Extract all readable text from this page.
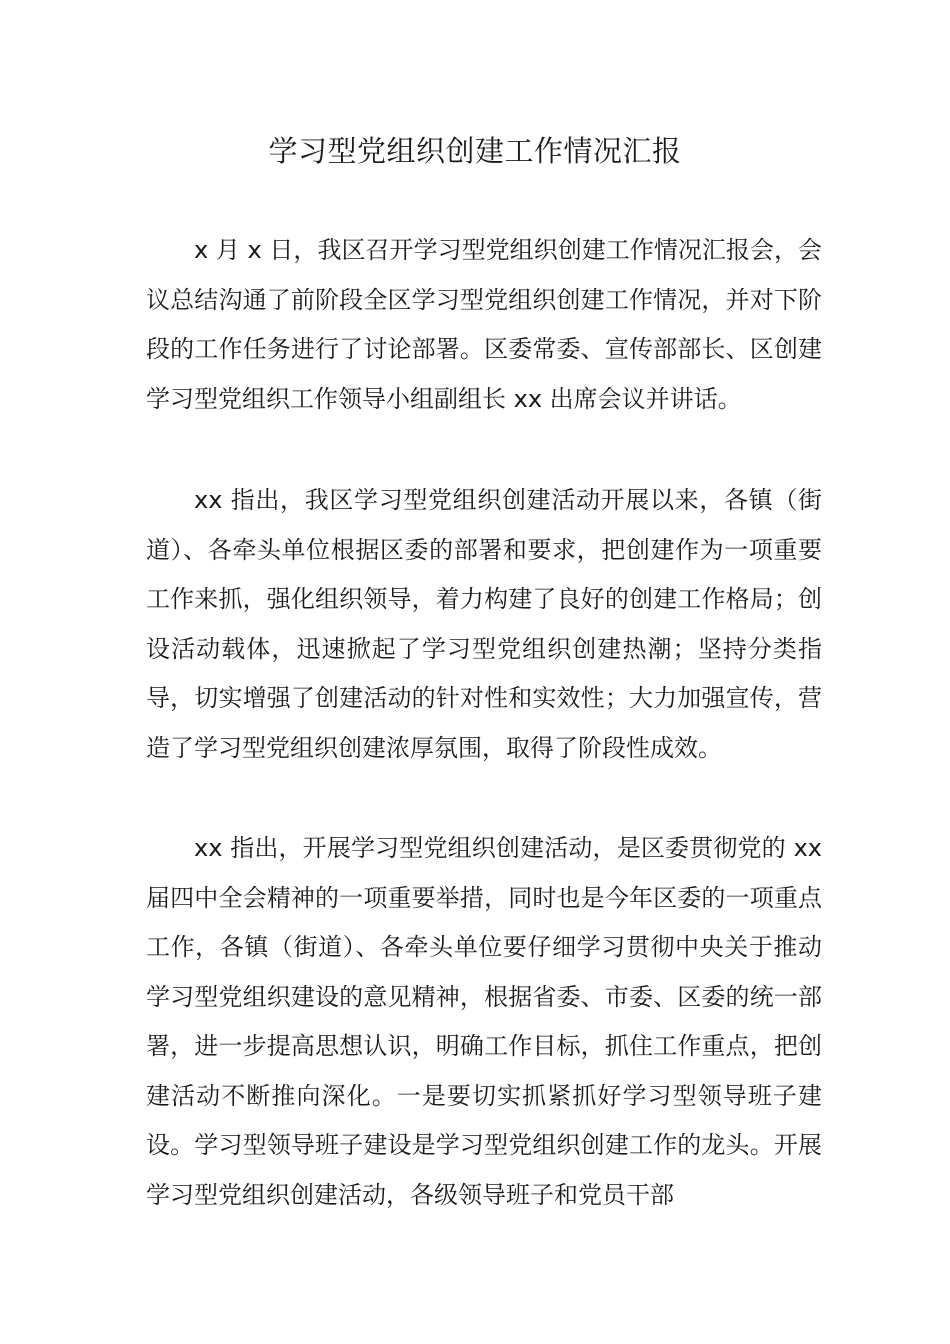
学习型党组织创建工作情况汇报

x 月 x 日，我区召开学习型党组织创建工作情况汇报会，会议总结沟通了前阶段全区学习型党组织创建工作情况，并对下阶段的工作任务进行了讨论部署。区委常委、宣传部部长、区创建学习型党组织工作领导小组副组长 xx 出席会议并讲话。

xx 指出，我区学习型党组织创建活动开展以来，各镇（街道）、各牵头单位根据区委的部署和要求，把创建作为一项重要工作来抓，强化组织领导，着力构建了良好的创建工作格局；创设活动载体，迅速掀起了学习型党组织创建热潮；坚持分类指导，切实增强了创建活动的针对性和实效性；大力加强宣传，营造了学习型党组织创建浓厚氛围，取得了阶段性成效。

xx 指出，开展学习型党组织创建活动，是区委贯彻党的 xx 届四中全会精神的一项重要举措，同时也是今年区委的一项重点工作，各镇（街道）、各牵头单位要仔细学习贯彻中央关于推动学习型党组织建设的意见精神，根据省委、市委、区委的统一部署，进一步提高思想认识，明确工作目标，抓住工作重点，把创建活动不断推向深化。一是要切实抓紧抓好学习型领导班子建设。学习型领导班子建设是学习型党组织创建工作的龙头。开展学习型党组织创建活动，各级领导班子和党员干部
